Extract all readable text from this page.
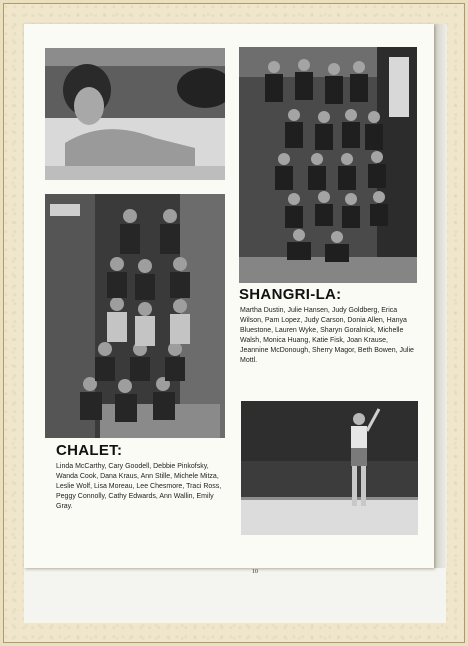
SHANGRI-LA:

Martha Dustin, Julie Hansen, Judy Goldberg, Erica Wilson, Pam Lopez, Judy Carson, Donia Allen, Hanya Bluestone, Lauren Wyke, Sharyn Goralnick, Michelle Walsh, Monica Huang, Katie Fisk, Joan Krause, Jeannine McDonough, Sherry Magor, Beth Bowen, Julie Mottl.

CHALET:

Linda McCarthy, Cary Goodell, Debbie Pinkofsky, Wanda Cook, Dana Kraus, Ann Stille, Michele Mitza, Leslie Wolf, Lisa Moreau, Lee Chesmore, Traci Ross, Peggy Connolly, Cathy Edwards, Ann Wallin, Emily Gray.

10
